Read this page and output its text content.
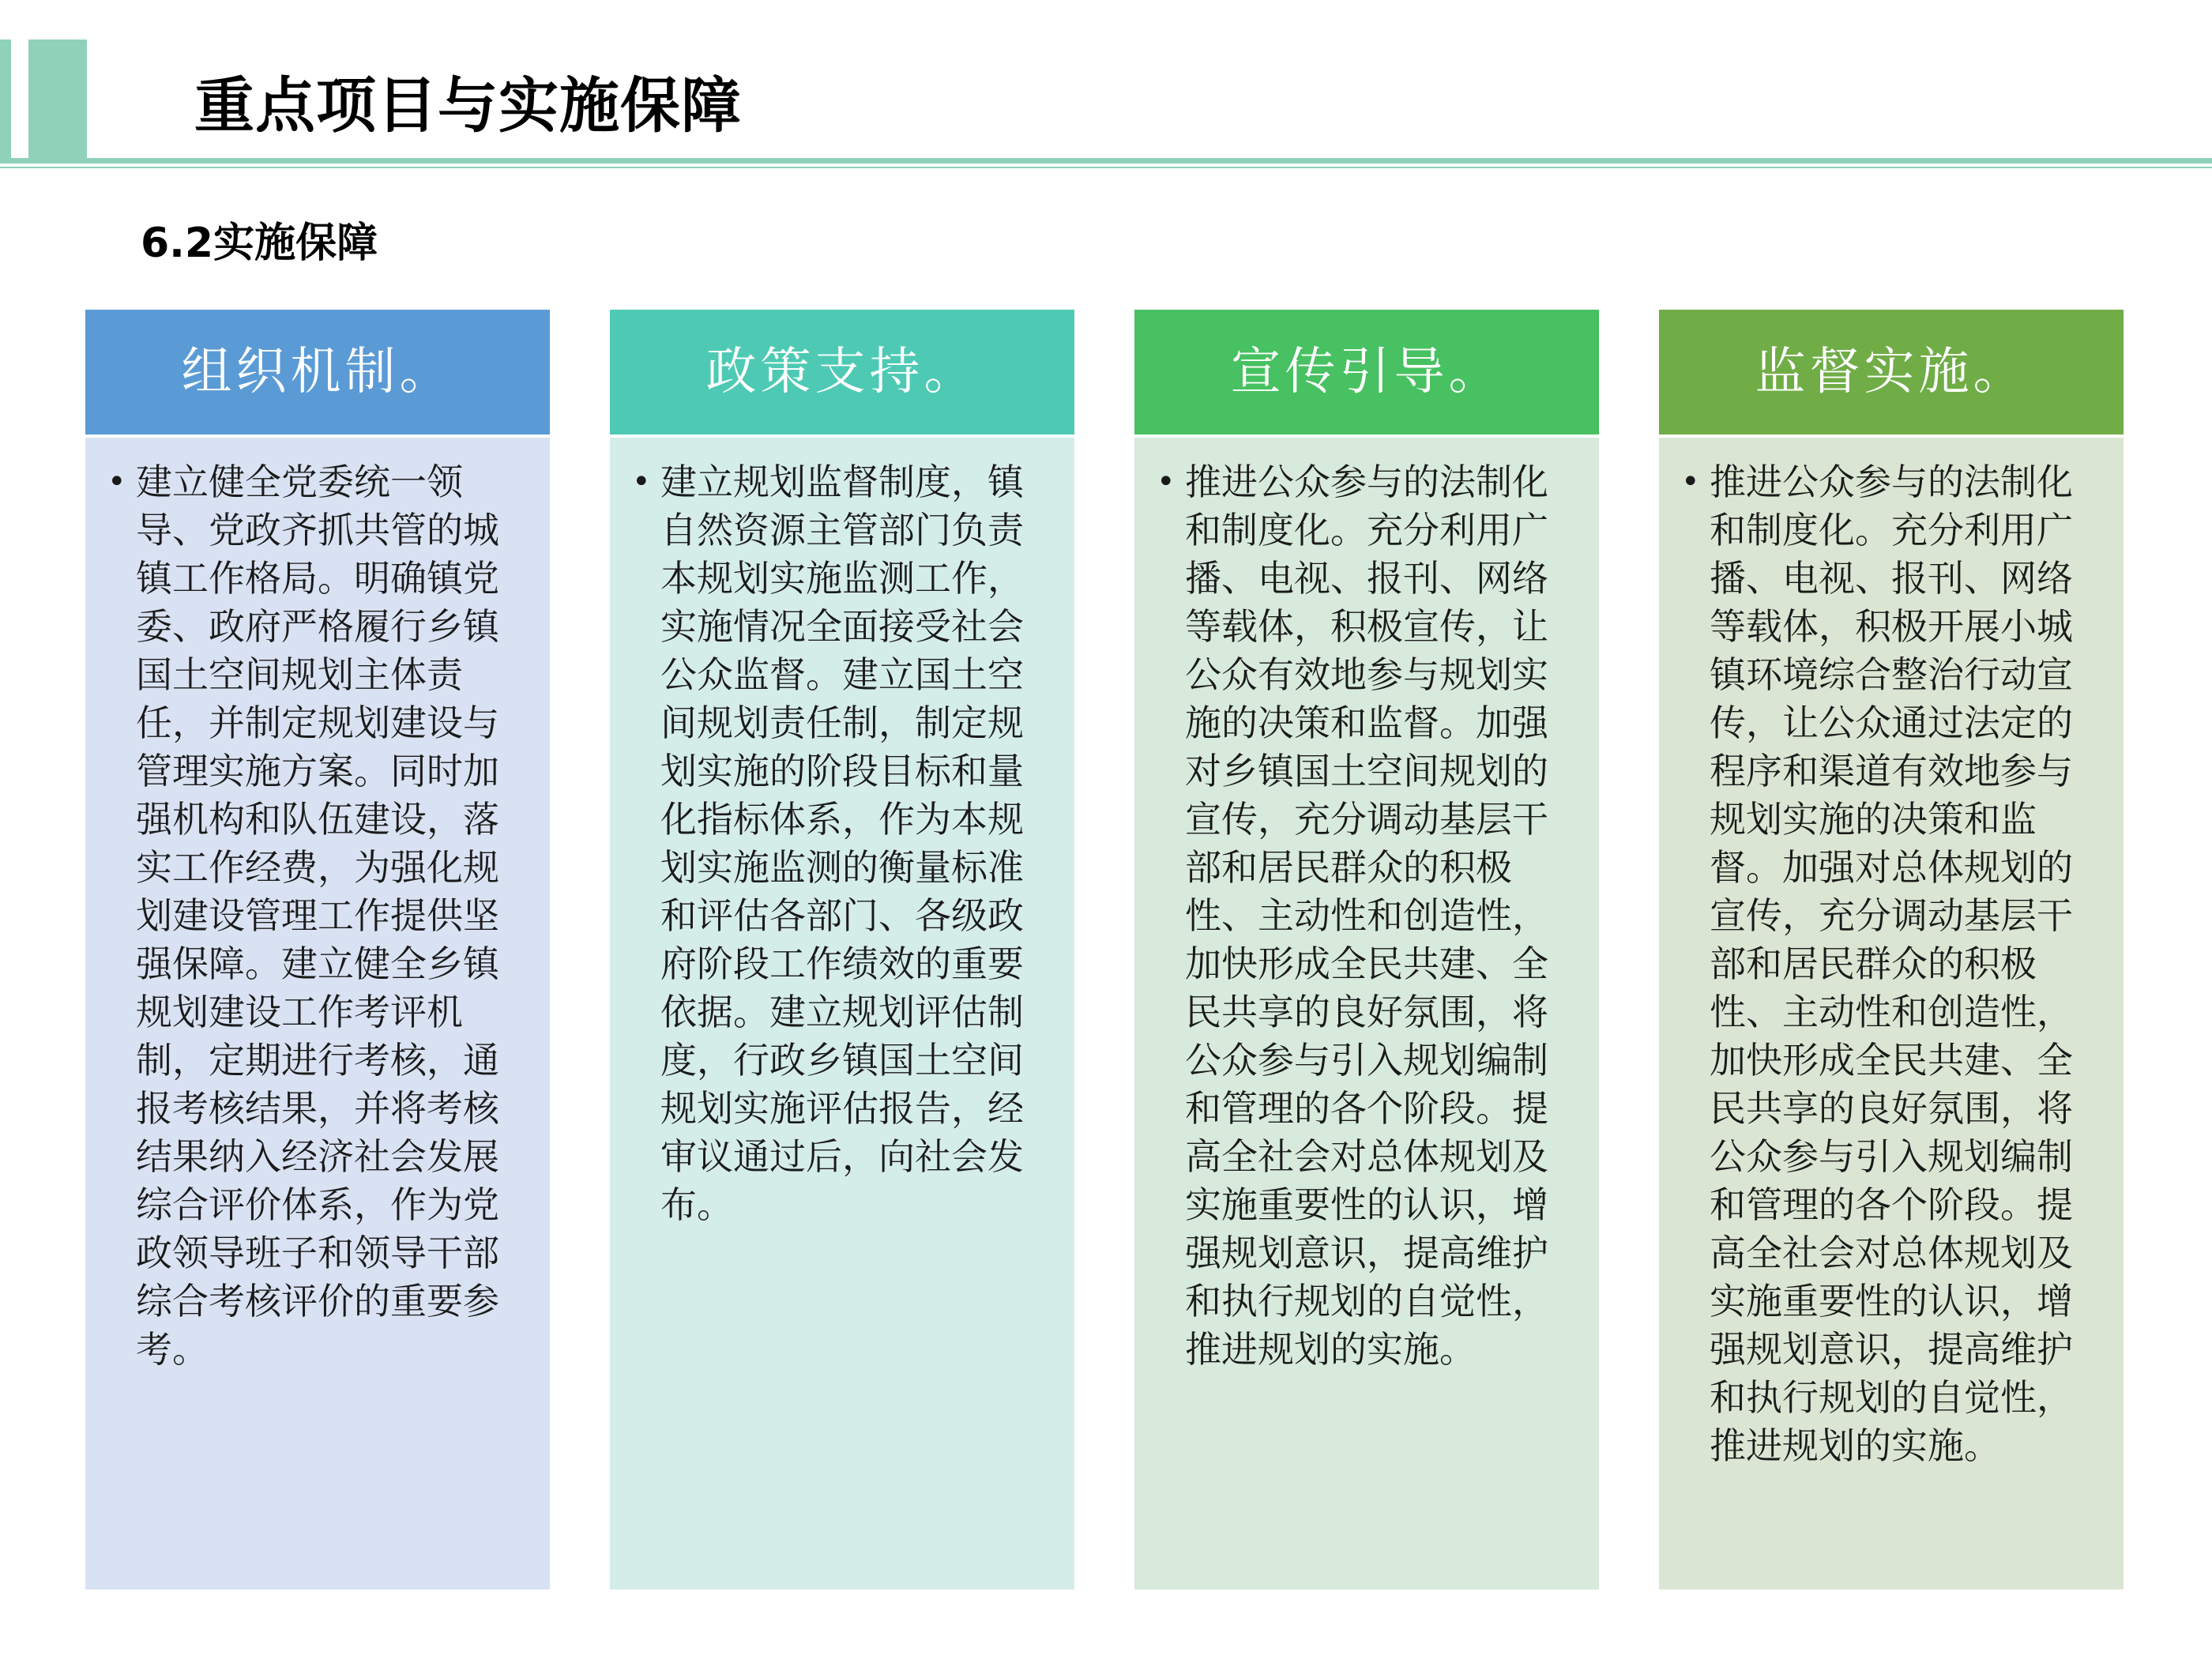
重点项目与实施保障
6.2实施保障
组织机制。
• 建立健全党委统一领导、党政齐抓共管的城镇工作格局。明确镇党委、政府严格履行乡镇国土空间规划主体责任，并制定规划建设与管理实施方案。同时加强机构和队伍建设，落实工作经费，为强化规划建设管理工作提供坚强保障。建立健全乡镇规划建设工作考评机制，定期进行考核，通报考核结果，并将考核结果纳入经济社会发展综合评价体系，作为党政领导班子和领导干部综合考核评价的重要参考。
政策支持。
• 建立规划监督制度，镇自然资源主管部门负责本规划实施监测工作，实施情况全面接受社会公众监督。建立国土空间规划责任制，制定规划实施的阶段目标和量化指标体系，作为本规划实施监测的衡量标准和评估各部门、各级政府阶段工作绩效的重要依据。建立规划评估制度，行政乡镇国土空间规划实施评估报告，经审议通过后，向社会发布。
宣传引导。
• 推进公众参与的法制化和制度化。充分利用广播、电视、报刊、网络等载体，积极宣传，让公众有效地参与规划实施的决策和监督。加强对乡镇国土空间规划的宣传，充分调动基层干部和居民群众的积极性、主动性和创造性，加快形成全民共建、全民共享的良好氛围，将公众参与引入规划编制和管理的各个阶段。提高全社会对总体规划及实施重要性的认识，增强规划意识，提高维护和执行规划的自觉性，推进规划的实施。
监督实施。
• 推进公众参与的法制化和制度化。充分利用广播、电视、报刊、网络等载体，积极开展小城镇环境综合整治行动宣传，让公众通过法定的程序和渠道有效地参与规划实施的决策和监督。加强对总体规划的宣传，充分调动基层干部和居民群众的积极性、主动性和创造性，加快形成全民共建、全民共享的良好氛围，将公众参与引入规划编制和管理的各个阶段。提高全社会对总体规划及实施重要性的认识，增强规划意识，提高维护和执行规划的自觉性，推进规划的实施。
